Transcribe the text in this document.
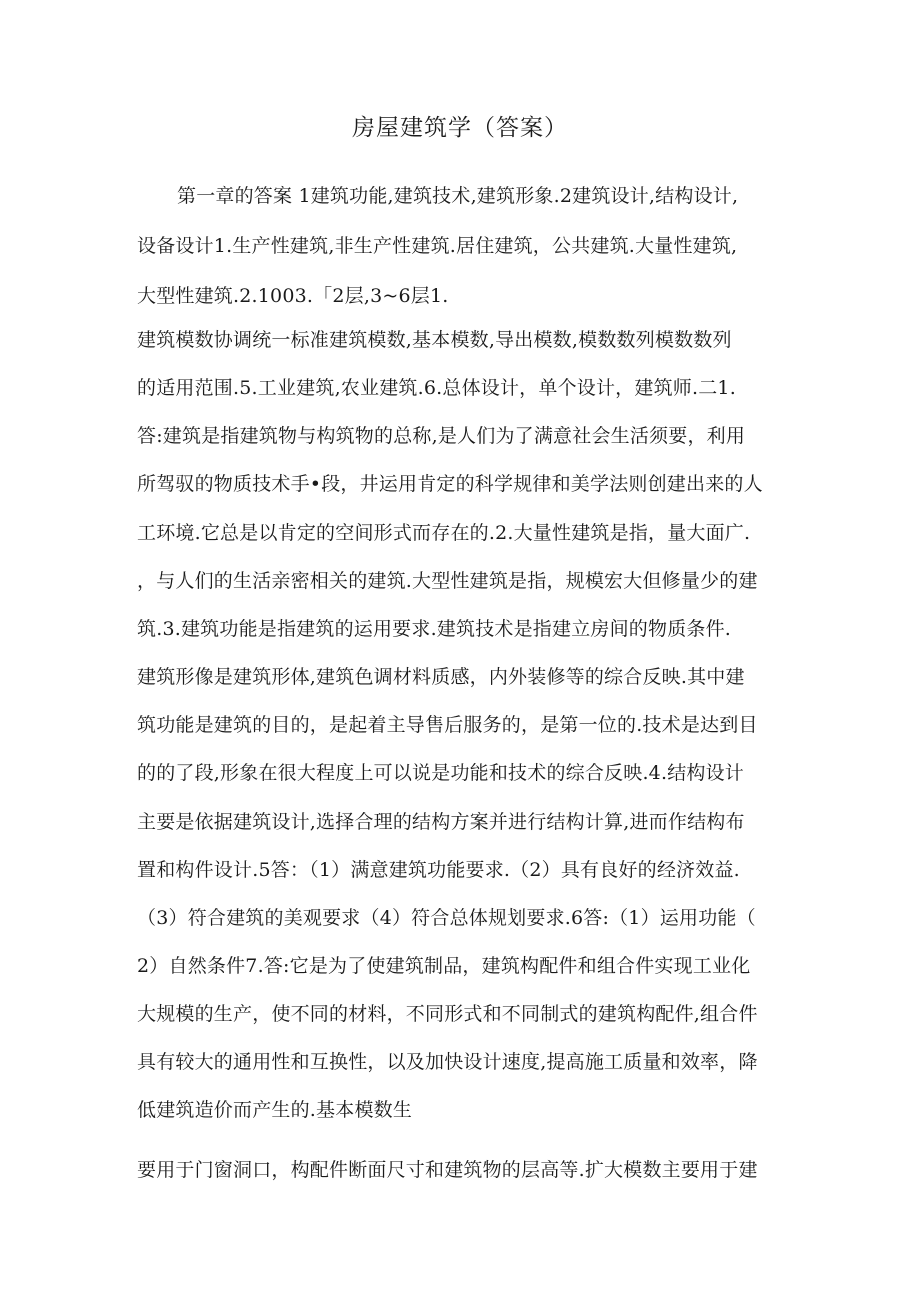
房屋建筑学（答案）

第一章的答案 1建筑功能,建筑技术,建筑形象.2建筑设计,结构设计,

设备设计1.生产性建筑,非生产性建筑.居住建筑，公共建筑.大量性建筑,

大型性建筑.2.1003.「2层,3~6层1.

建筑模数协调统一标准建筑模数,基本模数,导出模数,模数数列模数数列

的适用范围.5.工业建筑,农业建筑.6.总体设计，单个设计，建筑师.二1.

答:建筑是指建筑物与构筑物的总称,是人们为了满意社会生活须要，利用

所驾驭的物质技术手•段，井运用肯定的科学规律和美学法则创建出来的人

工环境.它总是以肯定的空间形式而存在的.2.大量性建筑是指，量大面广.

，与人们的生活亲密相关的建筑.大型性建筑是指，规模宏大但修量少的建

筑.3.建筑功能是指建筑的运用要求.建筑技术是指建立房间的物质条件.

建筑形像是建筑形体,建筑色调材料质感，内外装修等的综合反映.其中建

筑功能是建筑的目的，是起着主导售后服务的，是第一位的.技术是达到目

的的了段,形象在很大程度上可以说是功能和技术的综合反映.4.结构设计

主要是依据建筑设计,选择合理的结构方案并进行结构计算,进而作结构布

置和构件设计.5答：（1）满意建筑功能要求.（2）具有良好的经济效益.

（3）符合建筑的美观要求（4）符合总体规划要求.6答:（1）运用功能（

2）自然条件7.答:它是为了使建筑制品，建筑构配件和组合件实现工业化

大规模的生产，使不同的材料，不同形式和不同制式的建筑构配件,组合件

具有较大的通用性和互换性，以及加快设计速度,提高施工质量和效率，降

低建筑造价而产生的.基本模数生

要用于门窗洞口，构配件断面尺寸和建筑物的层高等.扩大模数主要用于建
